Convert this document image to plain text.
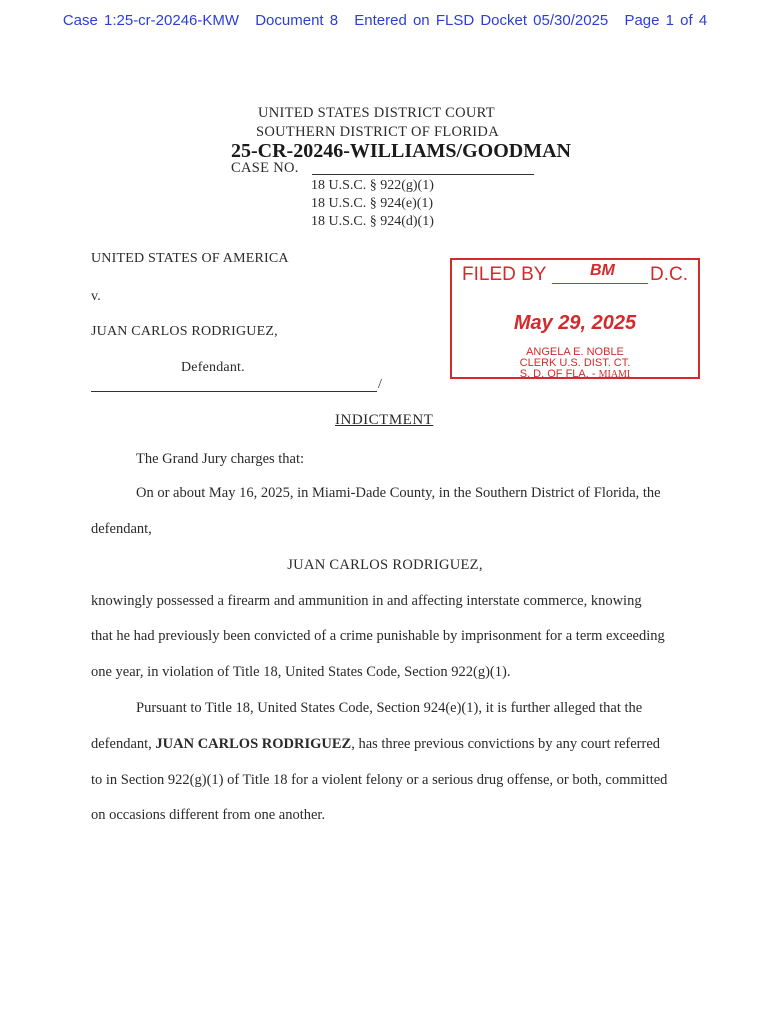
Case 1:25-cr-20246-KMW Document 8 Entered on FLSD Docket 05/30/2025 Page 1 of 4
UNITED STATES DISTRICT COURT
SOUTHERN DISTRICT OF FLORIDA
25-CR-20246-WILLIAMS/GOODMAN
CASE NO.
18 U.S.C. § 922(g)(1)
18 U.S.C. § 924(e)(1)
18 U.S.C. § 924(d)(1)
UNITED STATES OF AMERICA
v.
JUAN CARLOS RODRIGUEZ,
Defendant.
/
FILED BY	BM D.C.
May 29, 2025
ANGELA E. NOBLE
CLERK U.S. DIST. CT.
S. D. OF FLA. - MIAMI
INDICTMENT
The Grand Jury charges that:
On or about May 16, 2025, in Miami-Dade County, in the Southern District of Florida, the
defendant,
JUAN CARLOS RODRIGUEZ,
knowingly possessed a firearm and ammunition in and affecting interstate commerce, knowing
that he had previously been convicted of a crime punishable by imprisonment for a term exceeding
one year, in violation of Title 18, United States Code, Section 922(g)(1).
Pursuant to Title 18, United States Code, Section 924(e)(1), it is further alleged that the
defendant, JUAN CARLOS RODRIGUEZ, has three previous convictions by any court referred
to in Section 922(g)(1) of Title 18 for a violent felony or a serious drug offense, or both, committed
on occasions different from one another.
